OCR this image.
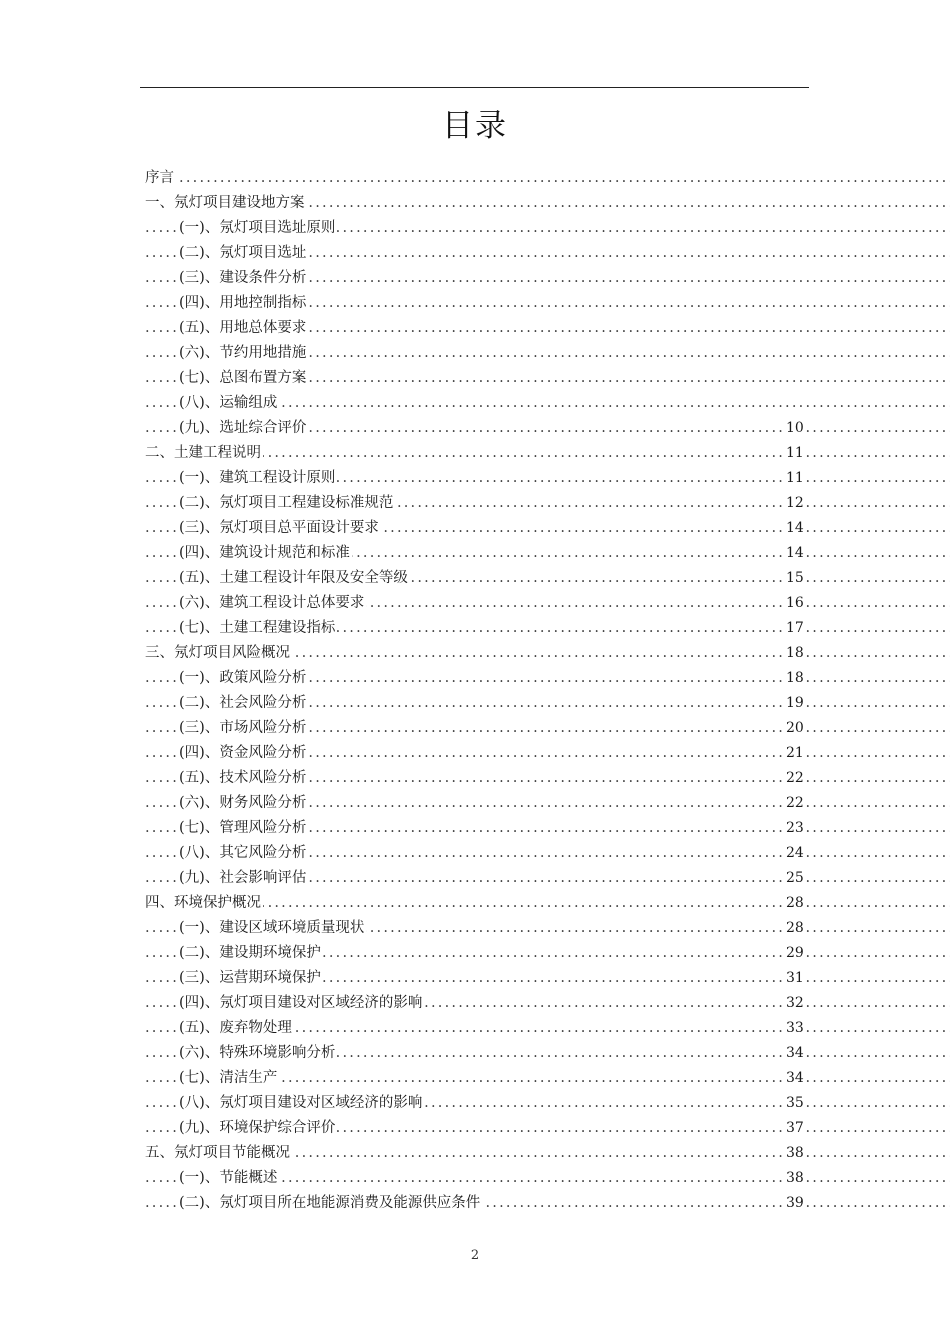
目录
.....
序言
.....
一、氖灯项目建设地方案
.....
(一)、氖灯项目选址原则
.....
(二)、氖灯项目选址
.....
(三)、建设条件分析
.....
(四)、用地控制指标
.....
(五)、用地总体要求
.....
(六)、节约用地措施
.....
(七)、总图布置方案
.....
(八)、运输组成
.....
(九)、选址综合评价	10
.....
二、土建工程说明	11
.....
(一)、建筑工程设计原则	11
.....
(二)、氖灯项目工程建设标准规范	12
.....
(三)、氖灯项目总平面设计要求	14
.....
(四)、建筑设计规范和标准	14
.....
(五)、土建工程设计年限及安全等级	15
.....
(六)、建筑工程设计总体要求	16
.....
(七)、土建工程建设指标	17
.....
三、氖灯项目风险概况	18
.....
(一)、政策风险分析	18
.....
(二)、社会风险分析	19
.....
(三)、市场风险分析	20
.....
(四)、资金风险分析	21
.....
(五)、技术风险分析	22
.....
(六)、财务风险分析	22
.....
(七)、管理风险分析	23
.....
(八)、其它风险分析	24
.....
(九)、社会影响评估	25
.....
四、环境保护概况	28
.....
(一)、建设区域环境质量现状	28
.....
(二)、建设期环境保护	29
.....
(三)、运营期环境保护	31
.....
(四)、氖灯项目建设对区域经济的影响	32
.....
(五)、废弃物处理	33
.....
(六)、特殊环境影响分析	34
.....
(七)、清洁生产	34
.....
(八)、氖灯项目建设对区域经济的影响	35
.....
(九)、环境保护综合评价	37
.....
五、氖灯项目节能概况	38
.....
(一)、节能概述	38
.....
(二)、氖灯项目所在地能源消费及能源供应条件	39
2
